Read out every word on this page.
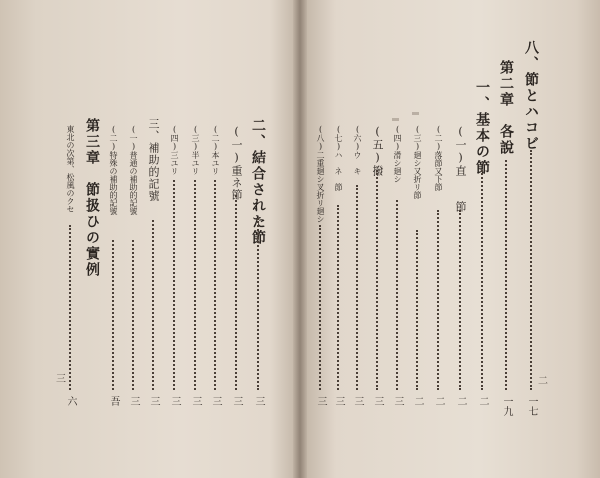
八、節とハコビ
一七
第二章　各說
一九
一、基本の節
二
(一)直　　節
二
(二)落節又下節
二
(三)廻シ又折リ節
二
(四)滑シ廻シ
三
(五)撥
三
(六)ウ　キ
三
(七)ハ　ネ　節
三
(八)二重廻シ叉折リ廻シ
三
二
二、結合された節
三
(一)重ネ節
三
(二)本ユリ
三
(三)半ユリ
三
(四)三ユリ
三
三、補助的記號
三
(一)普通の補助的記號
三
(二)特殊の補助的記號
吾
第三章　節扱ひの實例
東北の次第、松風のクセ
六
三
